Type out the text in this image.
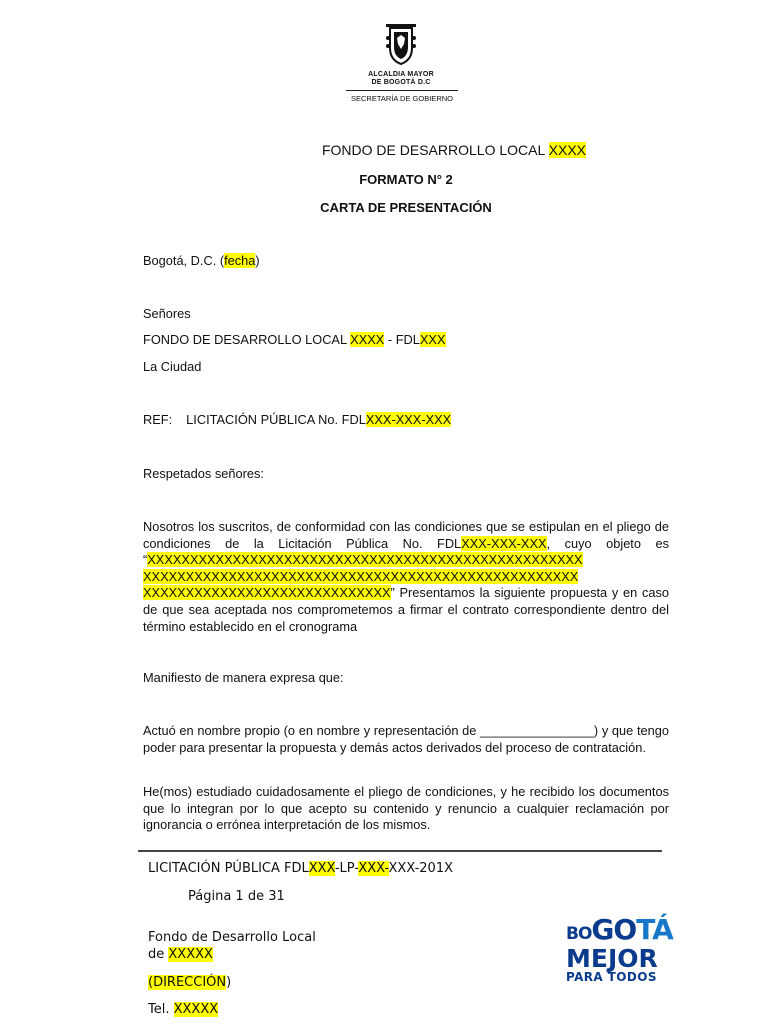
ALCALDIA MAYOR
DE BOGOTÁ D.C
SECRETARÍA DE GOBIERNO
FONDO DE DESARROLLO LOCAL XXXX
FORMATO N° 2
CARTA DE PRESENTACIÓN
Bogotá, D.C. (fecha)
Señores
FONDO DE DESARROLLO LOCAL XXXX - FDLXXX
La Ciudad
REF: LICITACIÓN PÚBLICA No. FDLXXX-XXX-XXX
Respetados señores:
Nosotros los suscritos, de conformidad con las condiciones que se estipulan en el pliego de condiciones de la Licitación Pública No. FDLXXX-XXX-XXX, cuyo objeto es “XXXXXXXXXXXXXXXXXXXXXXXXXXXXXXXXXXXXXXXXXXXXXXXXXXX XXXXXXXXXXXXXXXXXXXXXXXXXXXXXXXXXXXXXXXXXXXXXXXXXXX XXXXXXXXXXXXXXXXXXXXXXXXXXXXX” Presentamos la siguiente propuesta y en caso de que sea aceptada nos comprometemos a firmar el contrato correspondiente dentro del término establecido en el cronograma
Manifiesto de manera expresa que:
Actuó en nombre propio (o en nombre y representación de ________________) y que tengo poder para presentar la propuesta y demás actos derivados del proceso de contratación.
He(mos) estudiado cuidadosamente el pliego de condiciones, y he recibido los documentos que lo integran por lo que acepto su contenido y renuncio a cualquier reclamación por ignorancia o errónea interpretación de los mismos.
LICITACIÓN PÚBLICA FDLXXX-LP-XXX-XXX-201X
Página 1 de 31
Fondo de Desarrollo Local
de XXXXX
(DIRECCIÓN)
Tel. XXXXX
BOGOTÁ
MEJOR
PARA TODOS
